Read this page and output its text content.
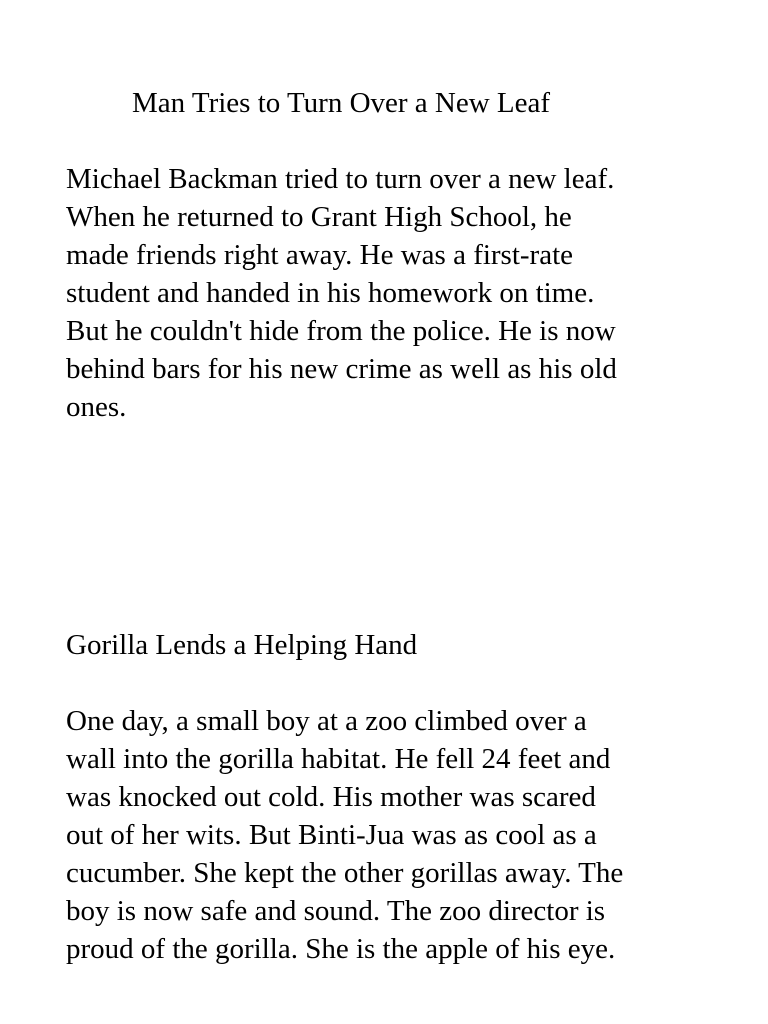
Man Tries to Turn Over a New Leaf

Michael Backman tried to turn over a new leaf.
When he returned to Grant High School, he
made friends right away. He was a first-rate
student and handed in his homework on time.
But he couldn't hide from the police. He is now
behind bars for his new crime as well as his old
ones.

Gorilla Lends a Helping Hand

One day, a small boy at a zoo climbed over a
wall into the gorilla habitat. He fell 24 feet and
was knocked out cold. His mother was scared
out of her wits. But Binti-Jua was as cool as a
cucumber. She kept the other gorillas away. The
boy is now safe and sound. The zoo director is
proud of the gorilla. She is the apple of his eye.
